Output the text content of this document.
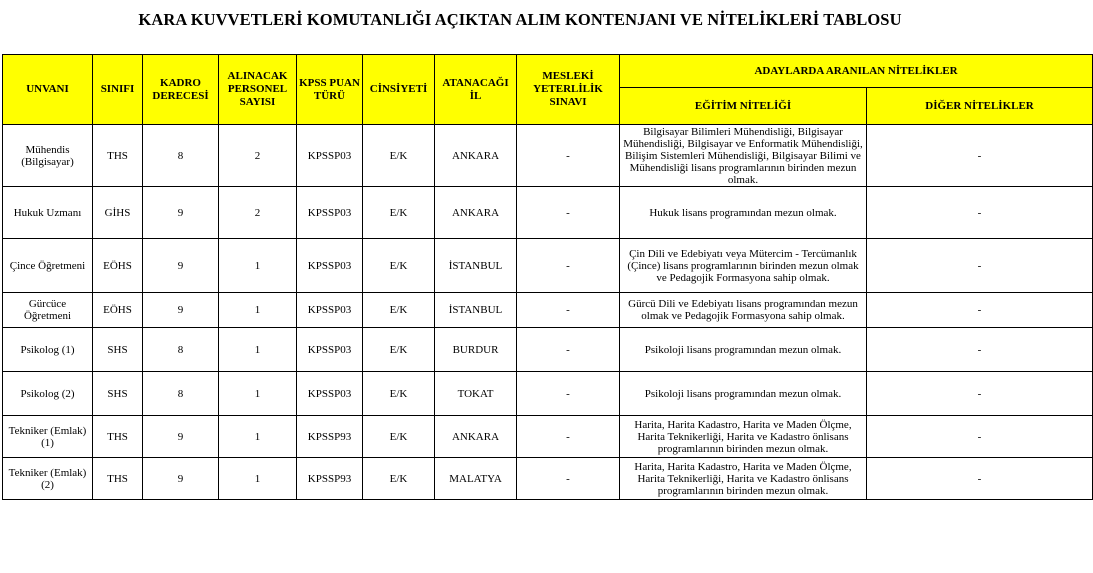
KARA KUVVETLERİ KOMUTANLIĞI AÇIKTAN ALIM KONTENJANI VE NİTELİKLERİ TABLOSU
UNVANI	SINIFI	KADRO DERECESİ	ALINACAK PERSONEL SAYISI	KPSS PUAN TÜRÜ	CİNSİYETİ	ATANACAĞI İL	MESLEKİ YETERLİLİK SINAVI	ADAYLARDA ARANILAN NİTELİKLER	
								EĞİTİM NİTELİĞİ	DİĞER NİTELİKLER
Mühendis (Bilgisayar)	THS	8	2	KPSSP03	E/K	ANKARA	-	Bilgisayar Bilimleri Mühendisliği, Bilgisayar Mühendisliği, Bilgisayar ve Enformatik Mühendisliği, Bilişim Sistemleri Mühendisliği, Bilgisayar Bilimi ve Mühendisliği lisans programlarının birinden mezun olmak.	-
Hukuk Uzmanı	GİHS	9	2	KPSSP03	E/K	ANKARA	-	Hukuk lisans programından mezun olmak.	-
Çince Öğretmeni	EÖHS	9	1	KPSSP03	E/K	İSTANBUL	-	Çin Dili ve Edebiyatı veya Mütercim - Tercümanlık (Çince) lisans programlarının birinden mezun olmak ve Pedagojik Formasyona sahip olmak.	-
Gürcüce Öğretmeni	EÖHS	9	1	KPSSP03	E/K	İSTANBUL	-	Gürcü Dili ve Edebiyatı lisans programından mezun olmak ve Pedagojik Formasyona sahip olmak.	-
Psikolog (1)	SHS	8	1	KPSSP03	E/K	BURDUR	-	Psikoloji lisans programından mezun olmak.	-
Psikolog (2)	SHS	8	1	KPSSP03	E/K	TOKAT	-	Psikoloji lisans programından mezun olmak.	-
Tekniker (Emlak) (1)	THS	9	1	KPSSP93	E/K	ANKARA	-	Harita, Harita Kadastro, Harita ve Maden Ölçme, Harita Teknikerliği, Harita ve Kadastro önlisans programlarının birinden mezun olmak.	-
Tekniker (Emlak) (2)	THS	9	1	KPSSP93	E/K	MALATYA	-	Harita, Harita Kadastro, Harita ve Maden Ölçme, Harita Teknikerliği, Harita ve Kadastro önlisans programlarının birinden mezun olmak.	-
